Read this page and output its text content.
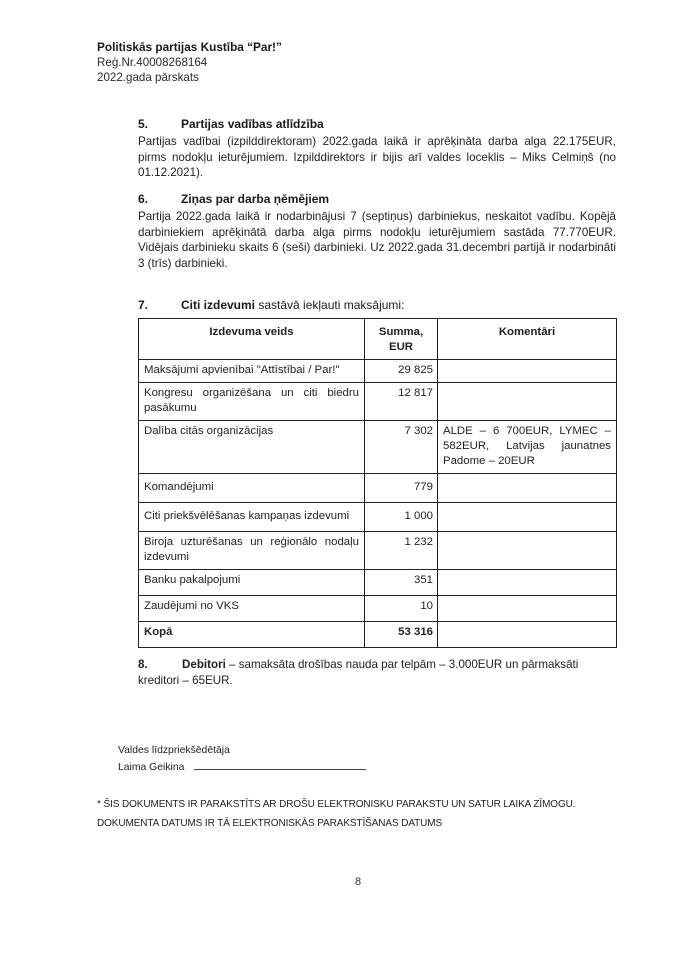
Politiskās partijas Kustība “Par!”
Reģ.Nr.40008268164
2022.gada pārskats
5.	Partijas vadības atlīdzība
Partijas vadībai (izpilddirektoram) 2022.gada laikā ir aprēķināta darba alga 22.175EUR, pirms nodokļu ieturējumiem. Izpilddirektors ir bijis arī valdes loceklis – Miks Celmiņš (no 01.12.2021).
6.	Ziņas par darba ņēmējiem
Partija 2022.gada laikā ir nodarbinājusi 7 (septiņus) darbiniekus, neskaitot vadību. Kopējā darbiniekiem aprēķinātā darba alga pirms nodokļu ieturējumiem sastāda 77.770EUR. Vidējais darbinieku skaits 6 (seši) darbinieki. Uz 2022.gada 31.decembri partijā ir nodarbināti 3 (trīs) darbinieki.
7.	Citi izdevumi sastāvā iekļauti maksājumi:
Izdevuma veids	Summa, EUR	Komentāri
Maksājumi apvienībai "Attīstībai / Par!"	29 825	
Kongresu organizēšana un citi biedru pasākumu	12 817	
Dalība citās organizācijas	7 302	ALDE – 6 700EUR, LYMEC – 582EUR, Latvijas jaunatnes Padome – 20EUR
Komandējumi	779	
Citi priekšvēlēšanas kampaņas izdevumi	1 000	
Biroja uzturēšanas un reģionālo nodaļu izdevumi	1 232	
Banku pakalpojumi	351	
Zaudējumi no VKS	10	
Kopā	53 316	
8.	Debitori – samaksāta drošības nauda par telpām – 3.000EUR un pārmaksāti kreditori – 65EUR.
Valdes līdzpriekšēdētāja
Laima Geikina
* ŠIS DOKUMENTS IR PARAKSTĪTS AR DROŠU ELEKTRONISKU PARAKSTU UN SATUR LAIKA ZĪMOGU.
DOKUMENTA DATUMS IR TĀ ELEKTRONISKĀS PARAKSTĪŠANAS DATUMS
8
